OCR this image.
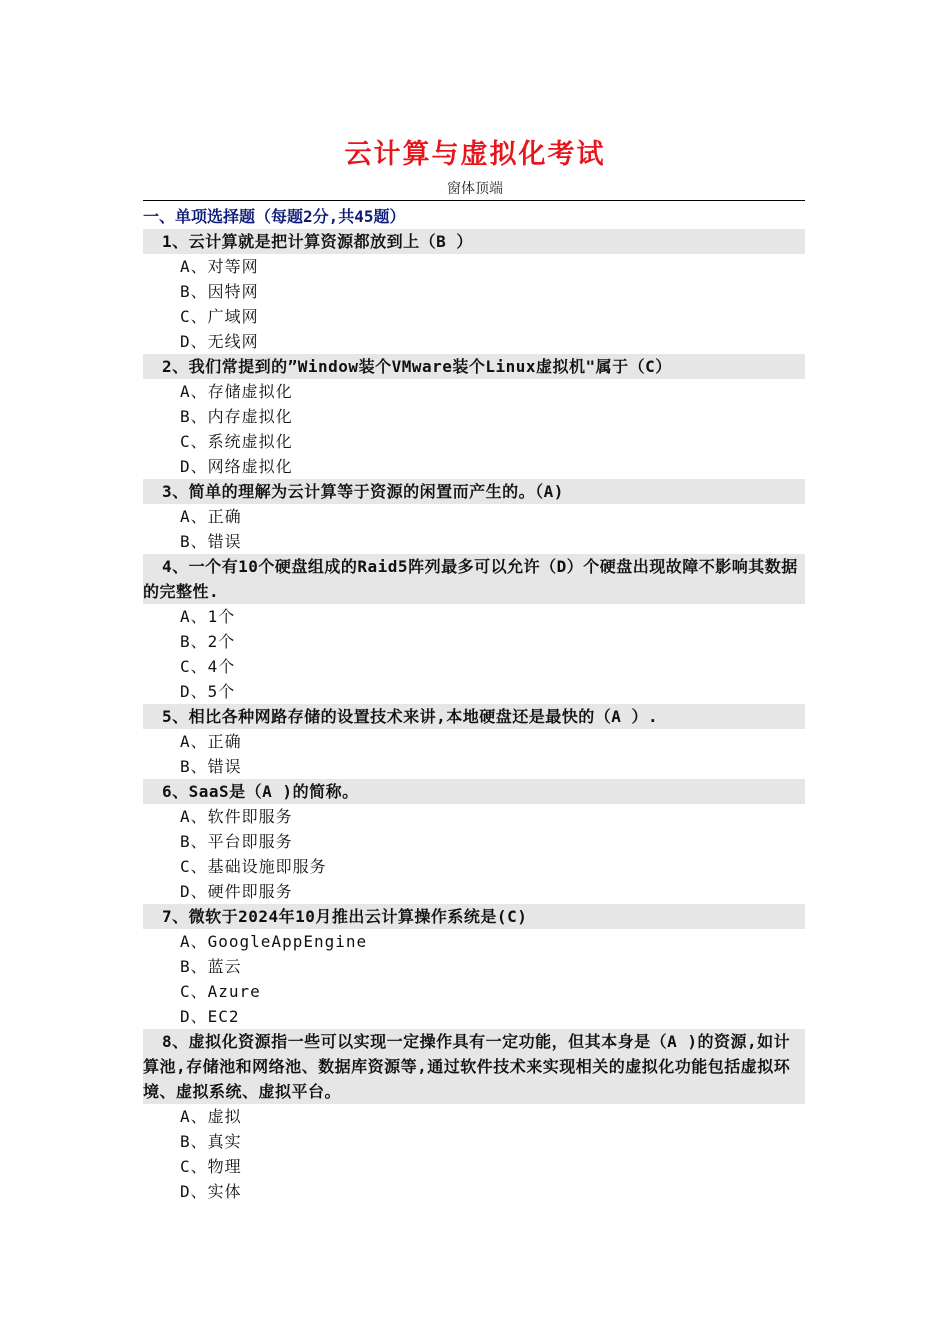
云计算与虚拟化考试
窗体顶端
一、单项选择题（每题2分,共45题）
1、云计算就是把计算资源都放到上（B ）
A、对等网
B、因特网
C、广域网
D、无线网
2、我们常提到的”Window装个VMware装个Linux虚拟机"属于（C）
A、存储虚拟化
B、内存虚拟化
C、系统虚拟化
D、网络虚拟化
3、简单的理解为云计算等于资源的闲置而产生的。（A)
A、正确
B、错误
4、一个有10个硬盘组成的Raid5阵列最多可以允许（D）个硬盘出现故障不影响其数据的完整性.
A、1个
B、2个
C、4个
D、5个
5、相比各种网路存储的设置技术来讲,本地硬盘还是最快的（A ）.
A、正确
B、错误
6、SaaS是（A )的简称。
A、软件即服务
B、平台即服务
C、基础设施即服务
D、硬件即服务
7、微软于2024年10月推出云计算操作系统是(C)
A、GoogleAppEngine
B、蓝云
C、Azure
D、EC2
8、虚拟化资源指一些可以实现一定操作具有一定功能，但其本身是（A )的资源,如计算池,存储池和网络池、数据库资源等,通过软件技术来实现相关的虚拟化功能包括虚拟环境、虚拟系统、虚拟平台。
A、虚拟
B、真实
C、物理
D、实体
